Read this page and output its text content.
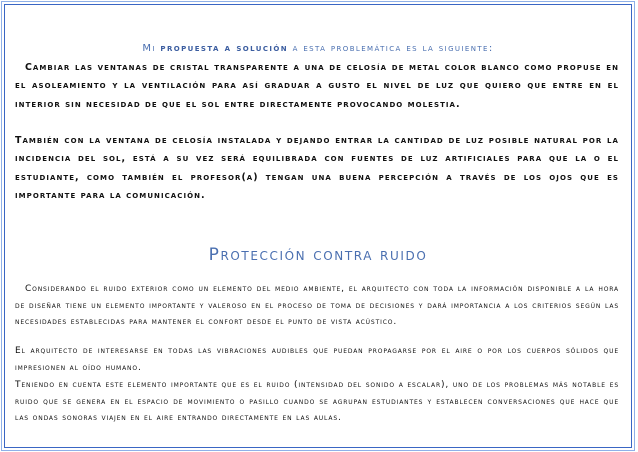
Mi propuesta a solución a esta problemática es la siguiente:
Cambiar las ventanas de cristal transparente a una de celosía de metal color blanco como propuse en el asoleamiento y la ventilación para así graduar a gusto el nivel de luz que quiero que entre en el interior sin necesidad de que el sol entre directamente provocando molestia.
También con la ventana de celosía instalada y dejando entrar la cantidad de luz posible natural por la incidencia del sol, está a su vez será equilibrada con fuentes de luz artificiales para que la o el estudiante, como también el profesor(a) tengan una buena percepción a través de los ojos que es importante para la comunicación.
Protección contra ruido
Considerando el ruido exterior como un elemento del medio ambiente, el arquitecto con toda la información disponible a la hora de diseñar tiene un elemento importante y valeroso en el proceso de toma de decisiones y dará importancia a los criterios según las necesidades establecidas para mantener el confort desde el punto de vista acústico.
El arquitecto de interesarse en todas las vibraciones audibles que puedan propagarse por el aire o por los cuerpos sólidos que impresionen al oído humano.
Teniendo en cuenta este elemento importante que es el ruido (intensidad del sonido a escalar), uno de los problemas más notable es ruido que se genera en el espacio de movimiento o pasillo cuando se agrupan estudiantes y establecen conversaciones que hace que las ondas sonoras viajen en el aire entrando directamente en las aulas.
